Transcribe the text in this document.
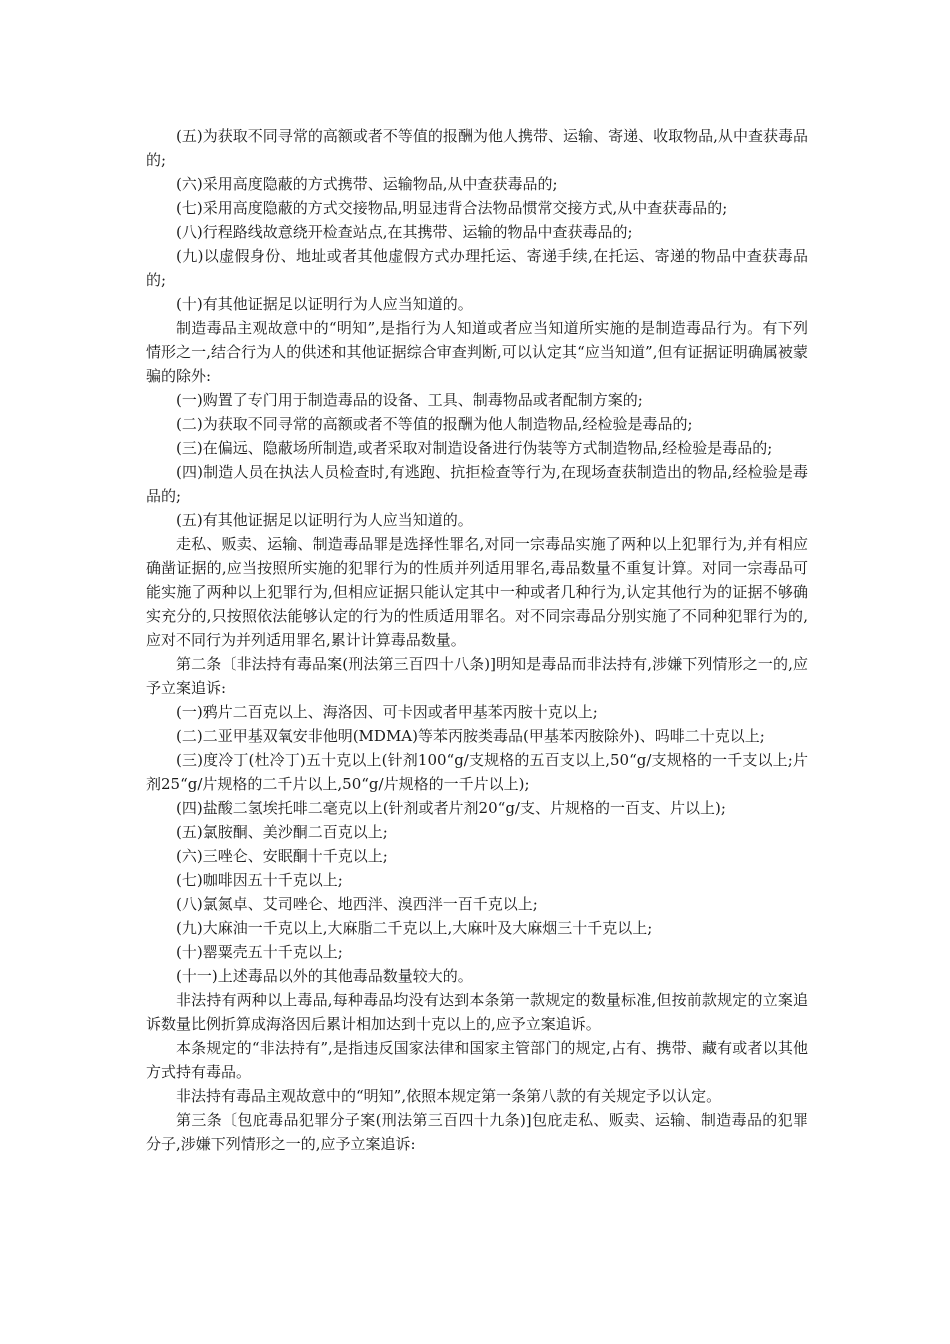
(五)为获取不同寻常的高额或者不等值的报酬为他人携带、运输、寄递、收取物品,从中查获毒品的;

(六)采用高度隐蔽的方式携带、运输物品,从中查获毒品的;

(七)采用高度隐蔽的方式交接物品,明显违背合法物品惯常交接方式,从中查获毒品的;

(八)行程路线故意绕开检查站点,在其携带、运输的物品中查获毒品的;

(九)以虚假身份、地址或者其他虚假方式办理托运、寄递手续,在托运、寄递的物品中查获毒品的;

(十)有其他证据足以证明行为人应当知道的。

制造毒品主观故意中的“明知”,是指行为人知道或者应当知道所实施的是制造毒品行为。有下列情形之一,结合行为人的供述和其他证据综合审查判断,可以认定其“应当知道”,但有证据证明确属被蒙骗的除外:

(一)购置了专门用于制造毒品的设备、工具、制毒物品或者配制方案的;

(二)为获取不同寻常的高额或者不等值的报酬为他人制造物品,经检验是毒品的;

(三)在偏远、隐蔽场所制造,或者采取对制造设备进行伪装等方式制造物品,经检验是毒品的;

(四)制造人员在执法人员检查时,有逃跑、抗拒检查等行为,在现场查获制造出的物品,经检验是毒品的;

(五)有其他证据足以证明行为人应当知道的。

走私、贩卖、运输、制造毒品罪是选择性罪名,对同一宗毒品实施了两种以上犯罪行为,并有相应确凿证据的,应当按照所实施的犯罪行为的性质并列适用罪名,毒品数量不重复计算。对同一宗毒品可能实施了两种以上犯罪行为,但相应证据只能认定其中一种或者几种行为,认定其他行为的证据不够确实充分的,只按照依法能够认定的行为的性质适用罪名。对不同宗毒品分别实施了不同种犯罪行为的,应对不同行为并列适用罪名,累计计算毒品数量。

第二条〔非法持有毒品案(刑法第三百四十八条)]明知是毒品而非法持有,涉嫌下列情形之一的,应予立案追诉:

(一)鸦片二百克以上、海洛因、可卡因或者甲基苯丙胺十克以上;

(二)二亚甲基双氧安非他明(MDMA)等苯丙胺类毒品(甲基苯丙胺除外)、吗啡二十克以上;

(三)度冷丁(杜冷丁)五十克以上(针剂100“g/支规格的五百支以上,50“g/支规格的一千支以上;片剂25“g/片规格的二千片以上,50“g/片规格的一千片以上);

(四)盐酸二氢埃托啡二毫克以上(针剂或者片剂20“g/支、片规格的一百支、片以上);

(五)氯胺酮、美沙酮二百克以上;

(六)三唑仑、安眠酮十千克以上;

(七)咖啡因五十千克以上;

(八)氯氮卓、艾司唑仑、地西泮、溴西泮一百千克以上;

(九)大麻油一千克以上,大麻脂二千克以上,大麻叶及大麻烟三十千克以上;

(十)罂粟壳五十千克以上;

(十一)上述毒品以外的其他毒品数量较大的。

非法持有两种以上毒品,每种毒品均没有达到本条第一款规定的数量标准,但按前款规定的立案追诉数量比例折算成海洛因后累计相加达到十克以上的,应予立案追诉。

本条规定的“非法持有”,是指违反国家法律和国家主管部门的规定,占有、携带、藏有或者以其他方式持有毒品。

非法持有毒品主观故意中的“明知”,依照本规定第一条第八款的有关规定予以认定。

第三条〔包庇毒品犯罪分子案(刑法第三百四十九条)]包庇走私、贩卖、运输、制造毒品的犯罪分子,涉嫌下列情形之一的,应予立案追诉:
